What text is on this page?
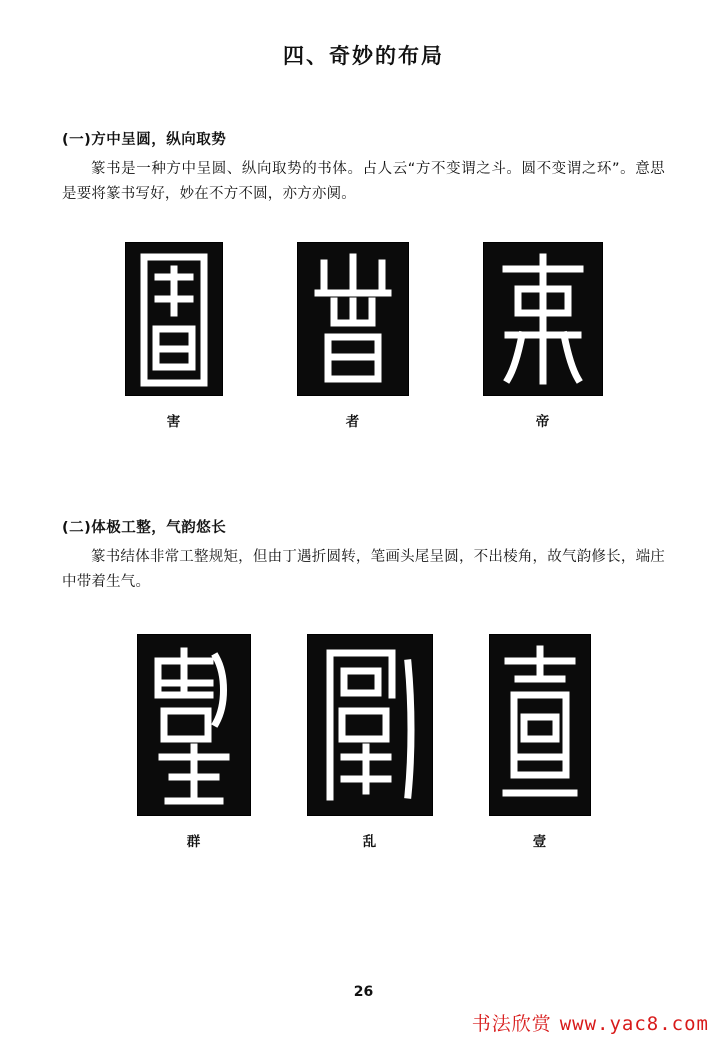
四、奇妙的布局
(一)方中呈圆，纵向取势
篆书是一种方中呈圆、纵向取势的书体。占人云“方不变谓之斗。圆不变谓之环”。意思是要将篆书写好，妙在不方不圆，亦方亦阒。
害	者	帝
(二)体极工整，气韵悠长
篆书结体非常工整规矩，但由丁遇折圆转，笔画头尾呈圆，不出棱角，故气韵修长，端庄中带着生气。
群	乱	壹
26
书法欣赏 www.yac8.com
